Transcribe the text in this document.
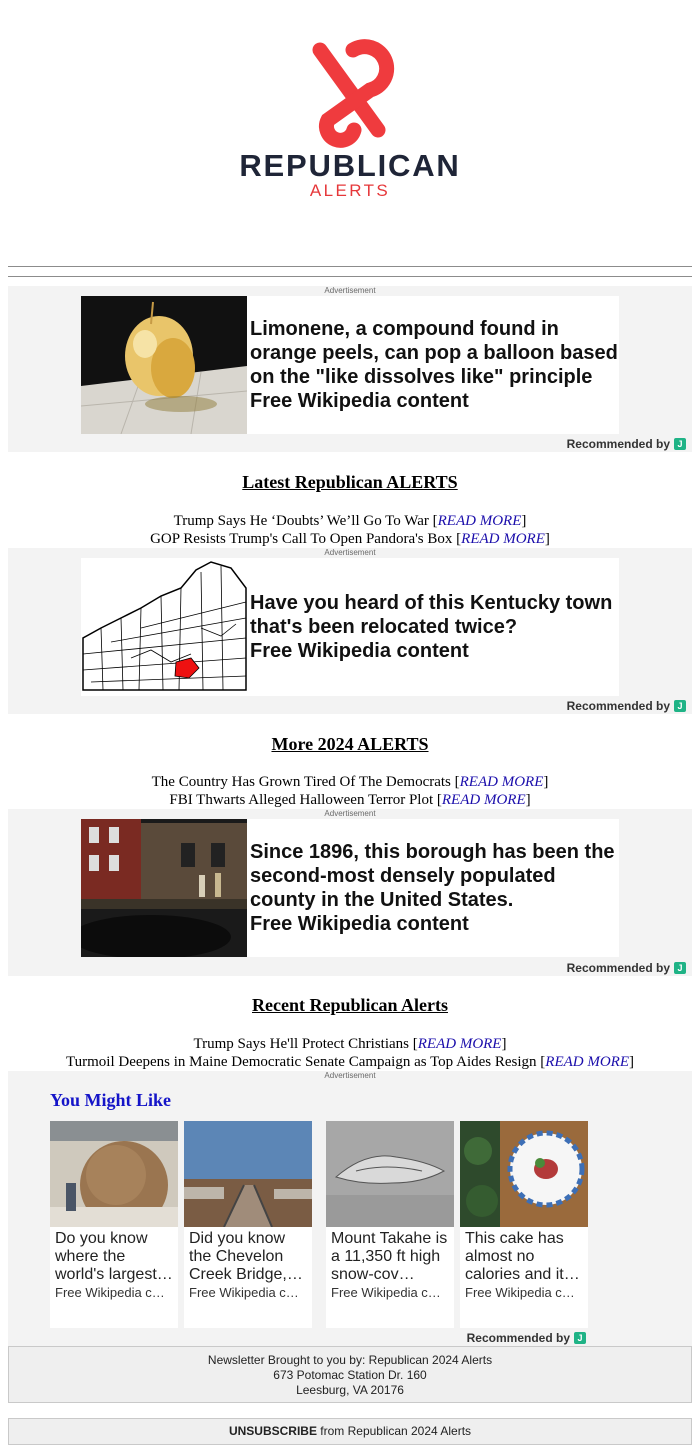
REPUBLICAN
ALERTS
Advertisement
Limonene, a compound found in orange peels, can pop a balloon based on the "like dissolves like" principle
Free Wikipedia content
Recommended by J
Latest Republican ALERTS
Trump Says He ‘Doubts’ We’ll Go To War [READ MORE]
GOP Resists Trump's Call To Open Pandora's Box [READ MORE]
Advertisement
Have you heard of this Kentucky town that's been relocated twice?
Free Wikipedia content
Recommended by J
More 2024 ALERTS
The Country Has Grown Tired Of The Democrats [READ MORE]
FBI Thwarts Alleged Halloween Terror Plot [READ MORE]
Advertisement
Since 1896, this borough has been the second-most densely populated county in the United States.
Free Wikipedia content
Recommended by J
Recent Republican Alerts
Trump Says He'll Protect Christians [READ MORE]
Turmoil Deepens in Maine Democratic Senate Campaign as Top Aides Resign [READ MORE]
Advertisement
You Might Like
Do you know where the world's largest…
Free Wikipedia c…
Did you know the Chevelon Creek Bridge,…
Free Wikipedia c…
Mount Takahe is a 11,350 ft high snow-cov…
Free Wikipedia c…
This cake has almost no calories and it…
Free Wikipedia c…
Recommended by J
Newsletter Brought to you by: Republican 2024 Alerts
673 Potomac Station Dr. 160
Leesburg, VA 20176
UNSUBSCRIBE from Republican 2024 Alerts
